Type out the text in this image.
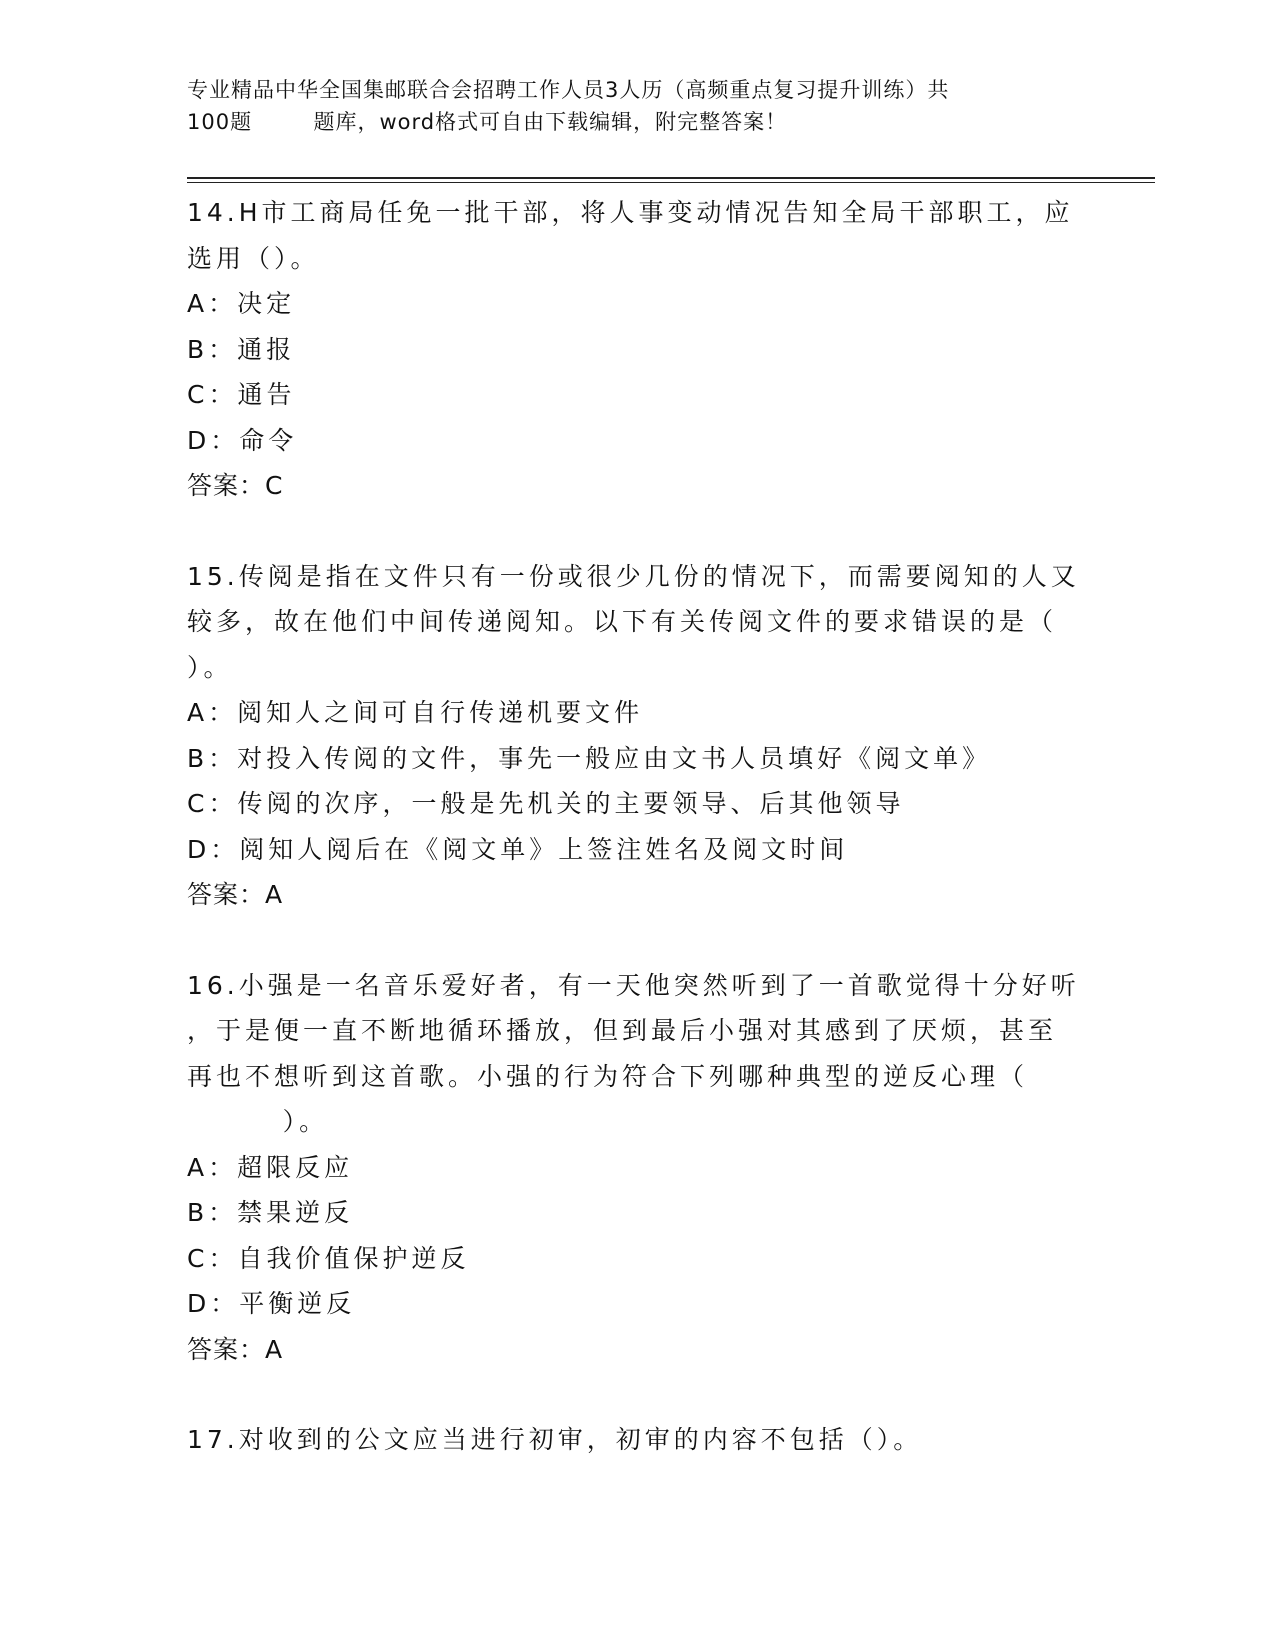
专业精品中华全国集邮联合会招聘工作人员3人历（高频重点复习提升训练）共
100题        题库，word格式可自由下载编辑，附完整答案！
14.H市工商局任免一批干部，将人事变动情况告知全局干部职工，应
选用（）。
A：决定
B：通报
C：通告
D：命令
答案：C
15.传阅是指在文件只有一份或很少几份的情况下，而需要阅知的人又
较多，故在他们中间传递阅知。以下有关传阅文件的要求错误的是（
）。
A：阅知人之间可自行传递机要文件
B：对投入传阅的文件，事先一般应由文书人员填好《阅文单》
C：传阅的次序，一般是先机关的主要领导、后其他领导
D：阅知人阅后在《阅文单》上签注姓名及阅文时间
答案：A
16.小强是一名音乐爱好者，有一天他突然听到了一首歌觉得十分好听
，于是便一直不断地循环播放，但到最后小强对其感到了厌烦，甚至
再也不想听到这首歌。小强的行为符合下列哪种典型的逆反心理（
）。
A：超限反应
B：禁果逆反
C：自我价值保护逆反
D：平衡逆反
答案：A
17.对收到的公文应当进行初审，初审的内容不包括（）。
